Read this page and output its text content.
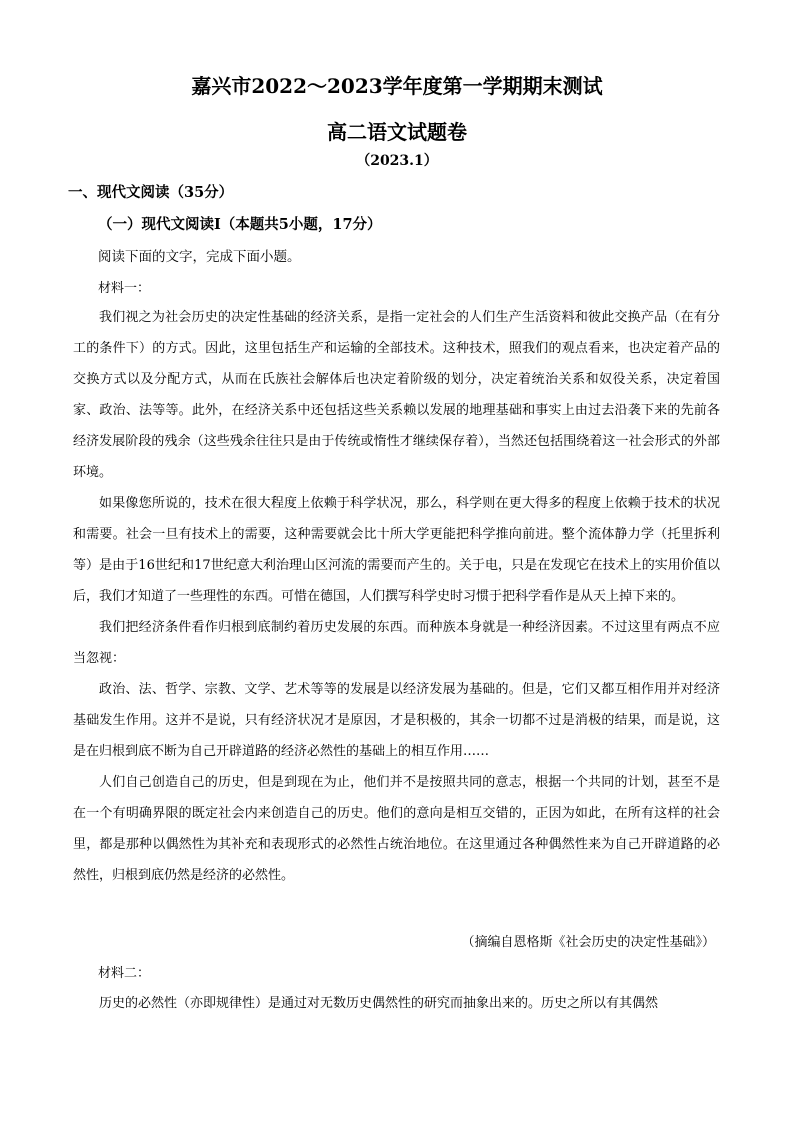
嘉兴市2022～2023学年度第一学期期末测试
高二语文试题卷
（2023.1）
一、现代文阅读（35分）
（一）现代文阅读Ⅰ（本题共5小题，17分）
阅读下面的文字，完成下面小题。
材料一：

我们视之为社会历史的决定性基础的经济关系，是指一定社会的人们生产生活资料和彼此交换产品（在有分工的条件下）的方式。因此，这里包括生产和运输的全部技术。这种技术，照我们的观点看来，也决定着产品的交换方式以及分配方式，从而在氏族社会解体后也决定着阶级的划分，决定着统治关系和奴役关系，决定着国家、政治、法等等。此外，在经济关系中还包括这些关系赖以发展的地理基础和事实上由过去沿袭下来的先前各经济发展阶段的残余（这些残余往往只是由于传统或惰性才继续保存着），当然还包括围绕着这一社会形式的外部环境。

如果像您所说的，技术在很大程度上依赖于科学状况，那么，科学则在更大得多的程度上依赖于技术的状况和需要。社会一旦有技术上的需要，这种需要就会比十所大学更能把科学推向前进。整个流体静力学（托里拆利等）是由于16世纪和17世纪意大利治理山区河流的需要而产生的。关于电，只是在发现它在技术上的实用价值以后，我们才知道了一些理性的东西。可惜在德国，人们撰写科学史时习惯于把科学看作是从天上掉下来的。

我们把经济条件看作归根到底制约着历史发展的东西。而种族本身就是一种经济因素。不过这里有两点不应当忽视：

政治、法、哲学、宗教、文学、艺术等等的发展是以经济发展为基础的。但是，它们又都互相作用并对经济基础发生作用。这并不是说，只有经济状况才是原因，才是积极的，其余一切都不过是消极的结果，而是说，这是在归根到底不断为自己开辟道路的经济必然性的基础上的相互作用……

人们自己创造自己的历史，但是到现在为止，他们并不是按照共同的意志，根据一个共同的计划，甚至不是在一个有明确界限的既定社会内来创造自己的历史。他们的意向是相互交错的，正因为如此，在所有这样的社会里，都是那种以偶然性为其补充和表现形式的必然性占统治地位。在这里通过各种偶然性来为自己开辟道路的必然性，归根到底仍然是经济的必然性。

（摘编自恩格斯《社会历史的决定性基础》）
材料二：

历史的必然性（亦即规律性）是通过对无数历史偶然性的研究而抽象出来的。历史之所以有其偶然
